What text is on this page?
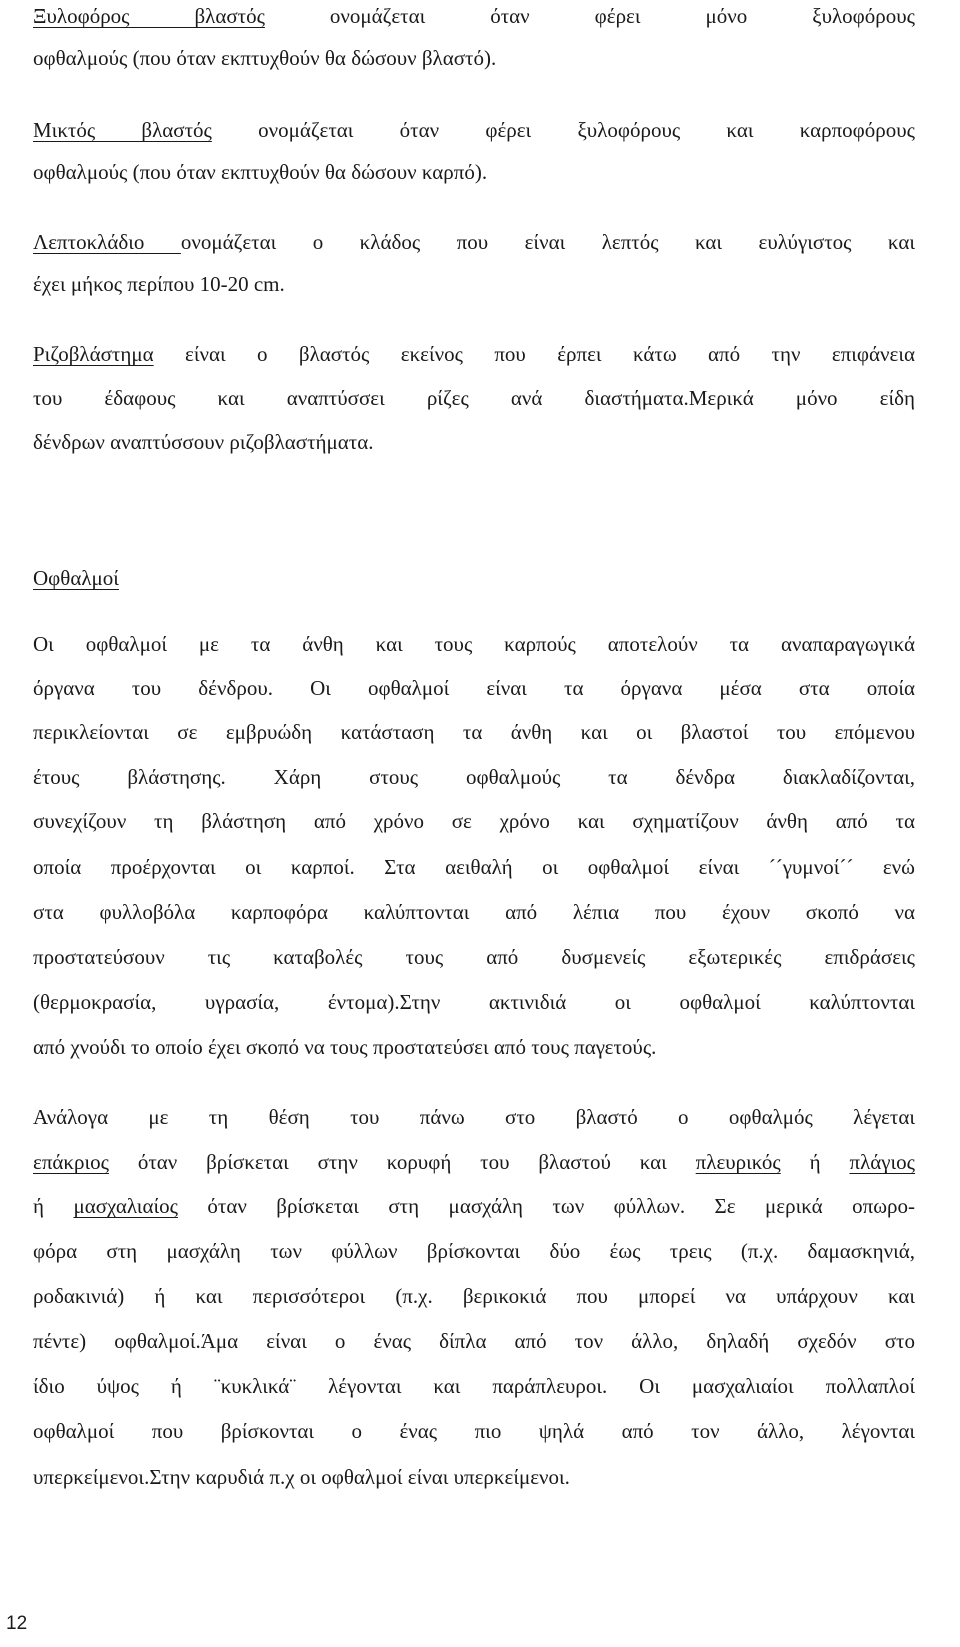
Ξυλοφόρος βλαστός ονομάζεται όταν φέρει μόνο ξυλοφόρους
οφθαλμούς (που όταν εκπτυχθούν θα δώσουν βλαστό).
Μικτός βλαστός ονομάζεται όταν φέρει ξυλοφόρους και καρποφόρους
οφθαλμούς (που όταν εκπτυχθούν θα δώσουν καρπό).
Λεπτοκλάδιο ονομάζεται ο κλάδος που είναι λεπτός και ευλύγιστος και
έχει μήκος περίπου 10-20 cm.
Ριζοβλάστημα είναι ο βλαστός εκείνος που έρπει κάτω από την επιφάνεια
του έδαφους και αναπτύσσει ρίζες ανά διαστήματα.Μερικά μόνο είδη
δένδρων αναπτύσσουν ριζοβλαστήματα.
Οφθαλμοί
Οι οφθαλμοί με τα άνθη και τους καρπούς αποτελούν τα αναπαραγωγικά
όργανα του δένδρου. Οι οφθαλμοί είναι τα όργανα μέσα στα οποία
περικλείονται σε εμβρυώδη κατάσταση τα άνθη και οι βλαστοί του επόμενου
έτους βλάστησης. Χάρη στους οφθαλμούς τα δένδρα διακλαδίζονται,
συνεχίζουν τη βλάστηση από χρόνο σε χρόνο και σχηματίζουν άνθη από τα
οποία προέρχονται οι καρποί. Στα αειθαλή οι οφθαλμοί είναι ´´γυμνοί´´ ενώ
στα φυλλοβόλα καρποφόρα καλύπτονται από λέπια που έχουν σκοπό να
προστατεύσουν τις καταβολές τους από δυσμενείς εξωτερικές επιδράσεις
(θερμοκρασία, υγρασία, έντομα).Στην ακτινιδιά οι οφθαλμοί καλύπτονται
από χνούδι το οποίο έχει σκοπό να τους προστατεύσει από τους παγετούς.
Ανάλογα με τη θέση του πάνω στο βλαστό ο οφθαλμός λέγεται
επάκριος όταν βρίσκεται στην κορυφή του βλαστού και πλευρικός ή πλάγιος
ή μασχαλιαίος όταν βρίσκεται στη μασχάλη των φύλλων. Σε μερικά οπωρο-
φόρα στη μασχάλη των φύλλων βρίσκονται δύο έως τρεις (π.χ. δαμασκηνιά,
ροδακινιά) ή και περισσότεροι (π.χ. βερικοκιά που μπορεί να υπάρχουν και
πέντε) οφθαλμοί.Άμα είναι ο ένας δίπλα από τον άλλο, δηλαδή σχεδόν στο
ίδιο ύψος ή ¨κυκλικά¨ λέγονται και παράπλευροι. Οι μασχαλιαίοι πολλαπλοί
οφθαλμοί που βρίσκονται ο ένας πιο ψηλά από τον άλλο, λέγονται
υπερκείμενοι.Στην καρυδιά π.χ οι οφθαλμοί είναι υπερκείμενοι.
12
